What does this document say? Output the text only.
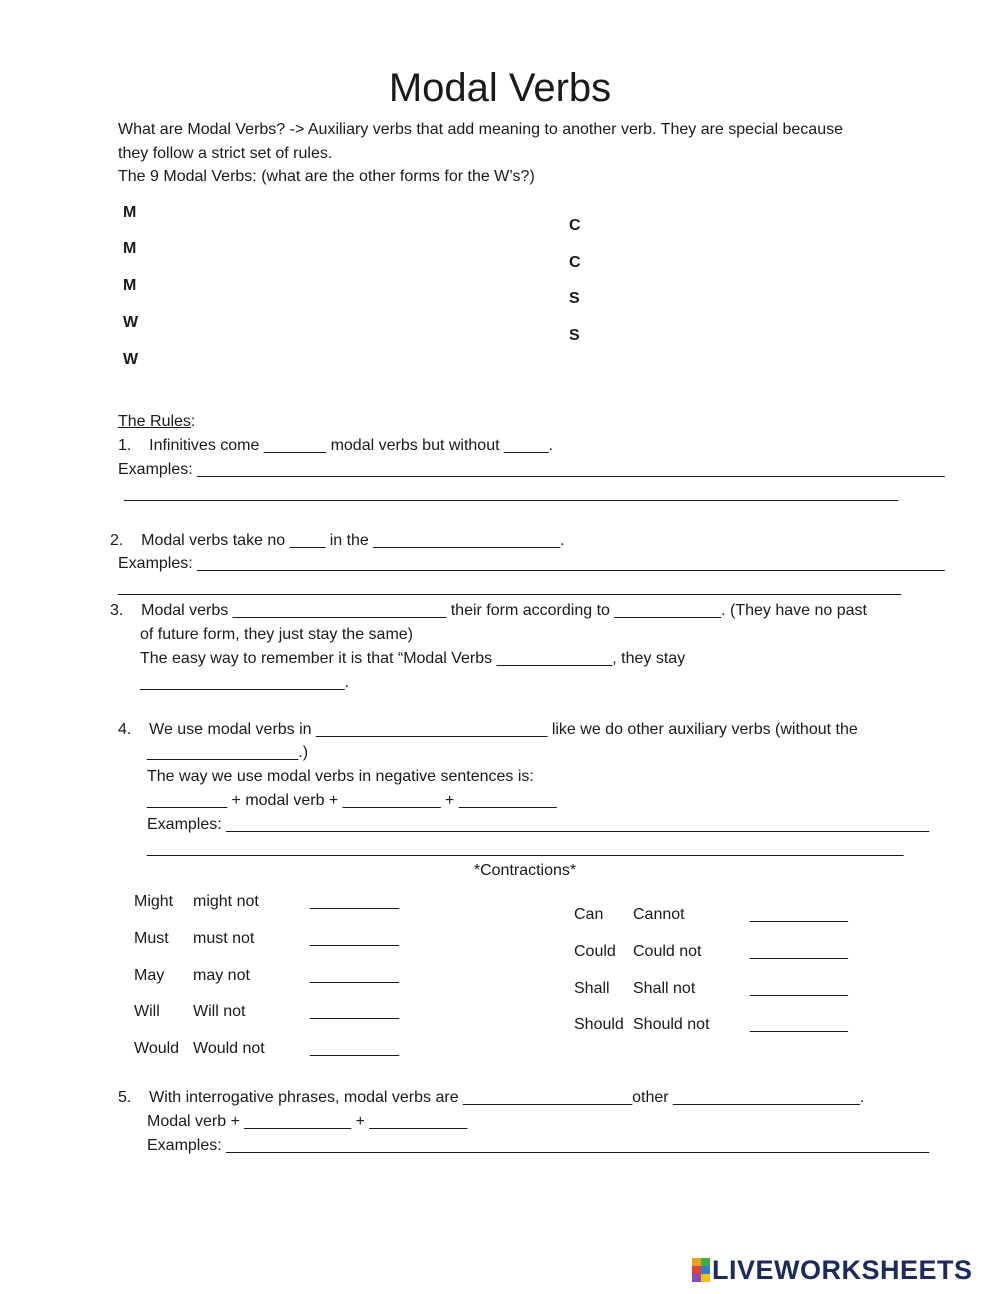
Modal Verbs
What are Modal Verbs? -> Auxiliary verbs that add meaning to another verb. They are special because
they follow a strict set of rules.
The 9 Modal Verbs: (what are the other forms for the W’s?)
M
M
M
W
W
C
C
S
S
The Rules:
1.    Infinitives come _______ modal verbs but without _____.
Examples: ____________________________________________________________________________________
_______________________________________________________________________________________
2.    Modal verbs take no ____ in the _____________________.
Examples: ____________________________________________________________________________________
________________________________________________________________________________________
3.    Modal verbs ________________________ their form according to ____________. (They have no past
of future form, they just stay the same)
The easy way to remember it is that “Modal Verbs _____________, they stay
_______________________.
4.    We use modal verbs in __________________________ like we do other auxiliary verbs (without the
_________________.)
The way we use modal verbs in negative sentences is:
_________ + modal verb + ___________ + ___________
Examples: _______________________________________________________________________________
_____________________________________________________________________________________
*Contractions*
Might might not	__________
Must must not	__________
May may not	__________
Will Will not	__________
Would Would not	__________
Can Cannot	___________
Could Could not	___________
Shall Shall not	___________
Should Should not	___________
5.    With interrogative phrases, modal verbs are ___________________other _____________________.
Modal verb + ____________ + ___________
Examples: _______________________________________________________________________________
LIVEWORKSHEETS
